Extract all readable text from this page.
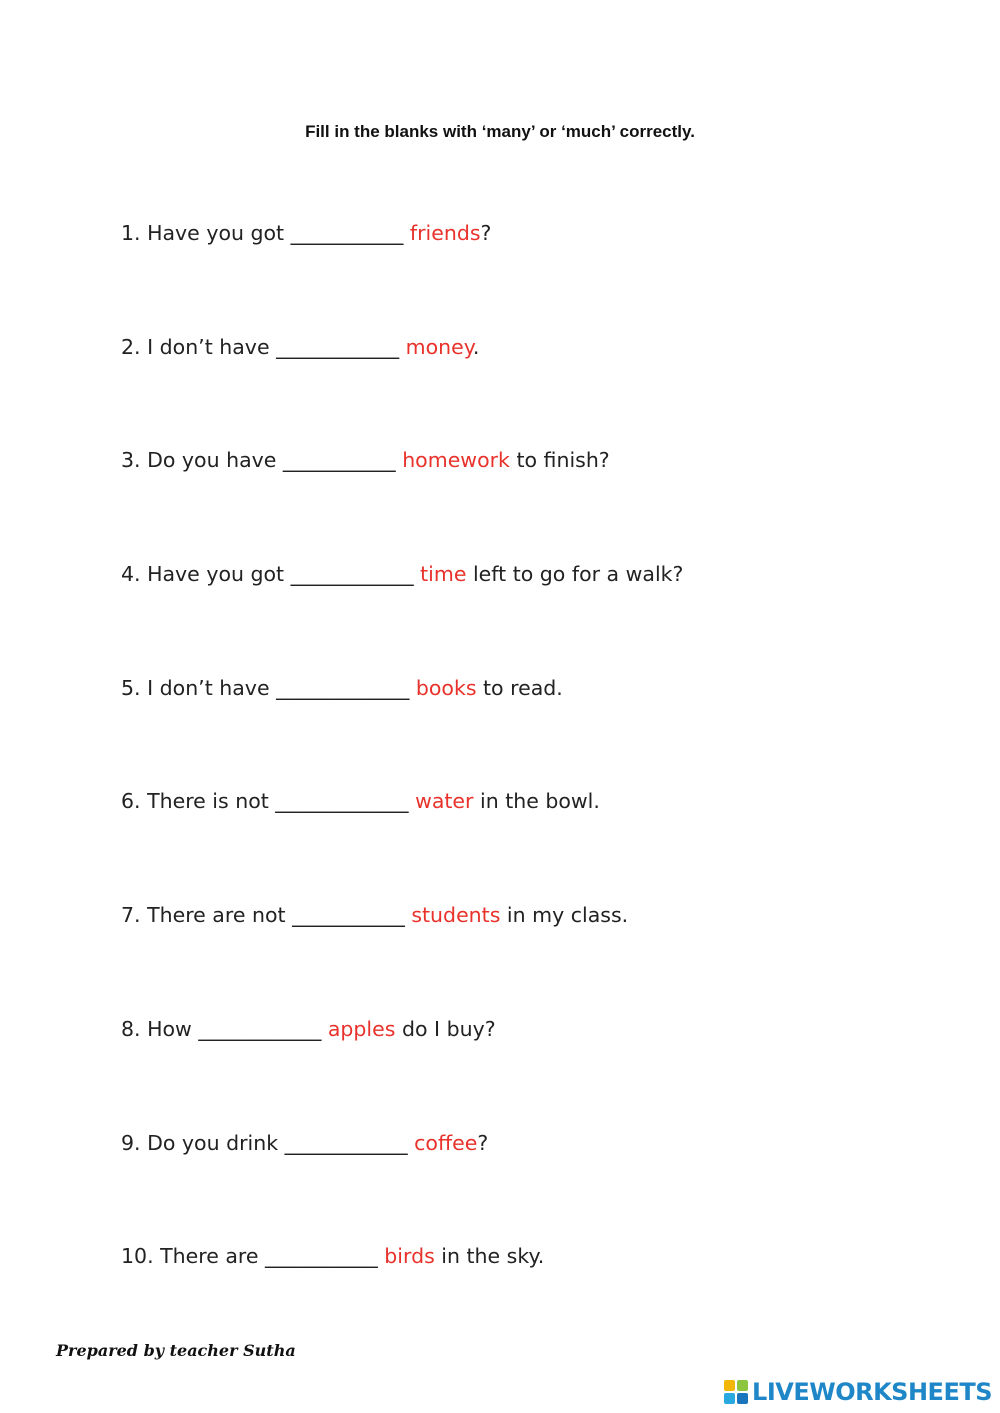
Fill in the blanks with ‘many’ or ‘much’ correctly.
1. Have you got ___________ friends?
2. I don’t have ____________ money.
3. Do you have ___________ homework to finish?
4. Have you got ____________ time left to go for a walk?
5. I don’t have _____________ books to read.
6. There is not _____________ water in the bowl.
7. There are not ___________ students in my class.
8. How ____________ apples do I buy?
9. Do you drink ____________ coffee?
10. There are ___________ birds in the sky.
Prepared by teacher Sutha
LIVEWORKSHEETS
